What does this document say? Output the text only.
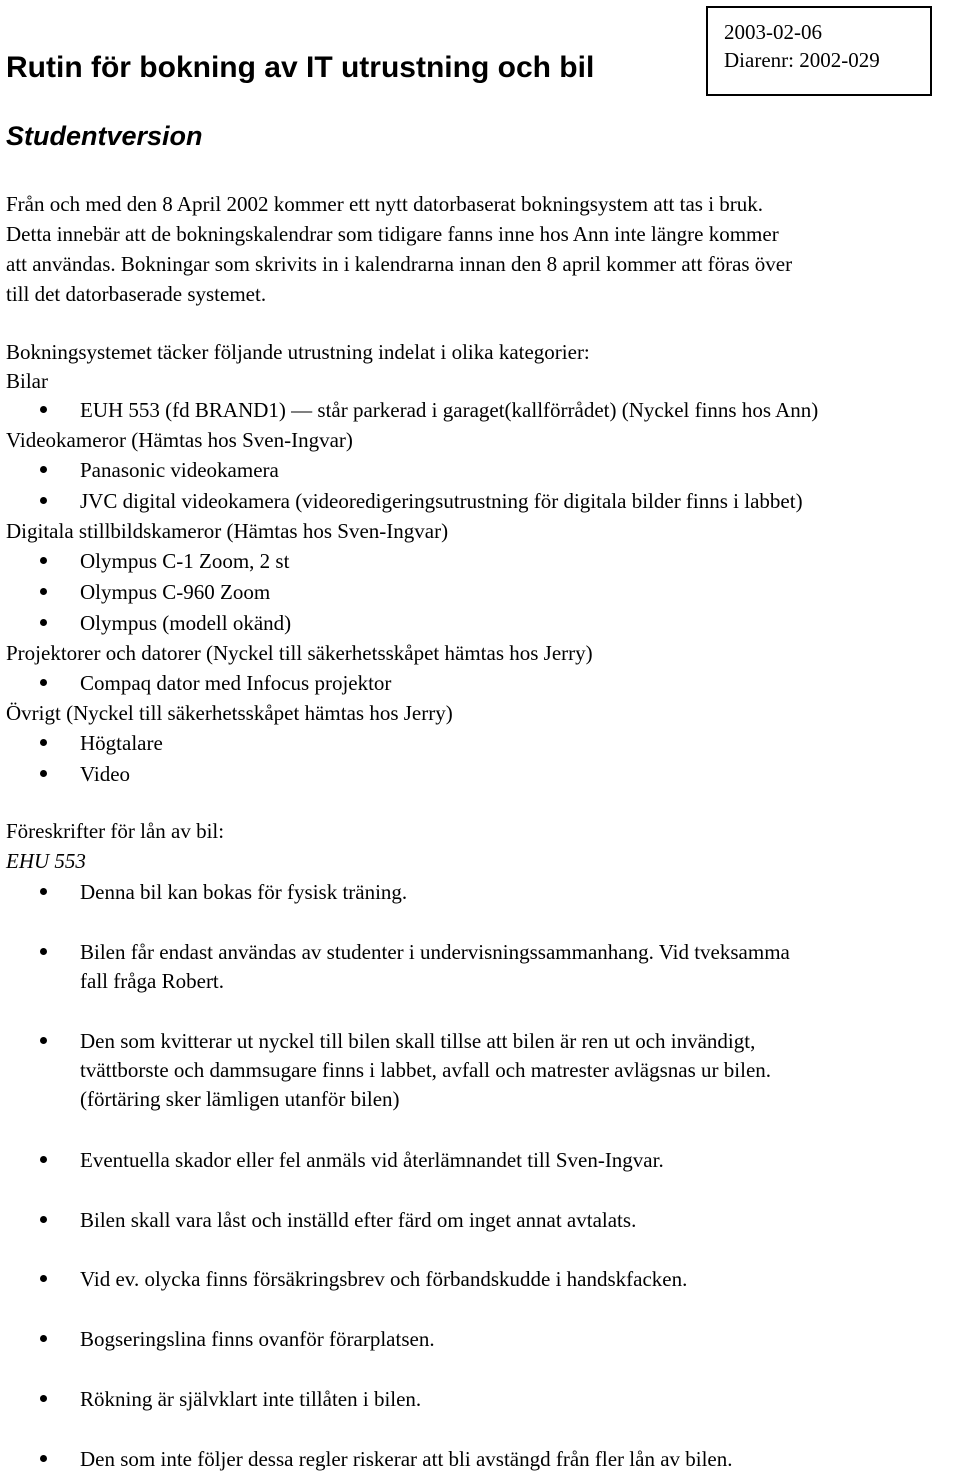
Rutin för bokning av IT utrustning och bil
Studentversion
2003-02-06
Diarenr: 2002-029
Från och med den 8 April 2002 kommer ett nytt datorbaserat bokningsystem att tas i bruk.
Detta innebär att de bokningskalendrar som tidigare fanns inne hos Ann inte längre kommer
att användas. Bokningar som skrivits in i kalendrarna innan den 8 april kommer att föras över
till det datorbaserade systemet.
Bokningsystemet täcker följande utrustning indelat i olika kategorier:
Bilar
EUH 553 (fd BRAND1) — står parkerad i garaget(kallförrådet) (Nyckel finns hos Ann)
Videokameror (Hämtas hos Sven-Ingvar)
Panasonic videokamera
JVC digital videokamera (videoredigeringsutrustning för digitala bilder finns i labbet)
Digitala stillbildskameror (Hämtas hos Sven-Ingvar)
Olympus C-1 Zoom, 2 st
Olympus C-960 Zoom
Olympus (modell okänd)
Projektorer och datorer (Nyckel till säkerhetsskåpet hämtas hos Jerry)
Compaq dator med Infocus projektor
Övrigt (Nyckel till säkerhetsskåpet hämtas hos Jerry)
Högtalare
Video
Föreskrifter för lån av bil:
EHU 553
Denna bil kan bokas för fysisk träning.
Bilen får endast användas av studenter i undervisningssammanhang. Vid tveksamma
fall fråga Robert.
Den som kvitterar ut nyckel till bilen skall tillse att bilen är ren ut och invändigt,
tvättborste och dammsugare finns i labbet, avfall och matrester avlägsnas ur bilen.
(förtäring sker lämligen utanför bilen)
Eventuella skador eller fel anmäls vid återlämnandet till Sven-Ingvar.
Bilen skall vara låst och inställd efter färd om inget annat avtalats.
Vid ev. olycka finns försäkringsbrev och förbandskudde i handskfacken.
Bogseringslina finns ovanför förarplatsen.
Rökning är självklart inte tillåten i bilen.
Den som inte följer dessa regler riskerar att bli avstängd från fler lån av bilen.
